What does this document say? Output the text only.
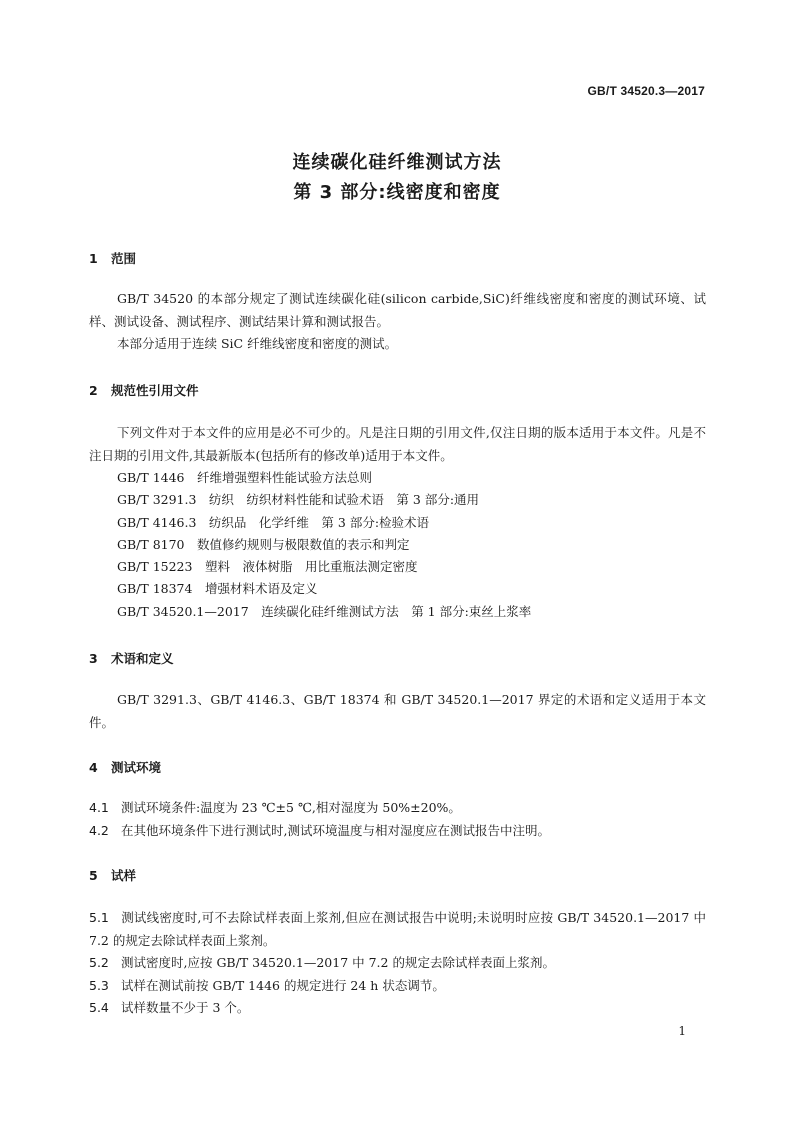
GB/T 34520.3—2017
连续碳化硅纤维测试方法
第 3 部分:线密度和密度
1 范围

GB/T 34520 的本部分规定了测试连续碳化硅(silicon carbide,SiC)纤维线密度和密度的测试环境、试样、测试设备、测试程序、测试结果计算和测试报告。

本部分适用于连续 SiC 纤维线密度和密度的测试。

2 规范性引用文件

下列文件对于本文件的应用是必不可少的。凡是注日期的引用文件,仅注日期的版本适用于本文件。凡是不注日期的引用文件,其最新版本(包括所有的修改单)适用于本文件。

GB/T 1446　纤维增强塑料性能试验方法总则

GB/T 3291.3　纺织　纺织材料性能和试验术语　第 3 部分:通用

GB/T 4146.3　纺织品　化学纤维　第 3 部分:检验术语

GB/T 8170　数值修约规则与极限数值的表示和判定

GB/T 15223　塑料　液体树脂　用比重瓶法测定密度

GB/T 18374　增强材料术语及定义

GB/T 34520.1—2017　连续碳化硅纤维测试方法　第 1 部分:束丝上浆率

3 术语和定义

GB/T 3291.3、GB/T 4146.3、GB/T 18374 和 GB/T 34520.1—2017 界定的术语和定义适用于本文件。

4 测试环境

4.1 测试环境条件:温度为 23 ℃±5 ℃,相对湿度为 50%±20%。

4.2 在其他环境条件下进行测试时,测试环境温度与相对湿度应在测试报告中注明。

5 试样

5.1 测试线密度时,可不去除试样表面上浆剂,但应在测试报告中说明;未说明时应按 GB/T 34520.1—2017 中 7.2 的规定去除试样表面上浆剂。

5.2 测试密度时,应按 GB/T 34520.1—2017 中 7.2 的规定去除试样表面上浆剂。

5.3 试样在测试前按 GB/T 1446 的规定进行 24 h 状态调节。

5.4 试样数量不少于 3 个。

1
